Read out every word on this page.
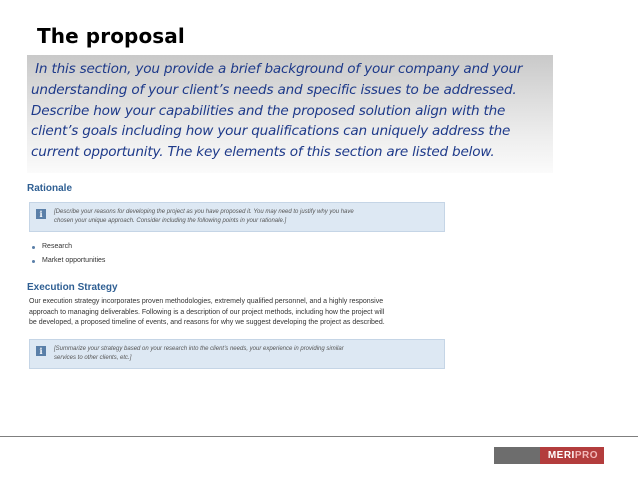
The proposal
In this section, you provide a brief background of your company and your
understanding of your client’s needs and specific issues to be addressed.
Describe how your capabilities and the proposed solution align with the
client’s goals including how your qualifications can uniquely address the
current opportunity. The key elements of this section are listed below.
Rationale
i	[Describe your reasons for developing the project as you have proposed it. You may need to justify why you have
chosen your unique approach. Consider including the following points in your rationale.]
Research
Market opportunities
Execution Strategy
Our execution strategy incorporates proven methodologies, extremely qualified personnel, and a highly responsive
approach to managing deliverables. Following is a description of our project methods, including how the project will
be developed, a proposed timeline of events, and reasons for why we suggest developing the project as described.
i	[Summarize your strategy based on your research into the client’s needs, your experience in providing similar
services to other clients, etc.]
MERIPRO
